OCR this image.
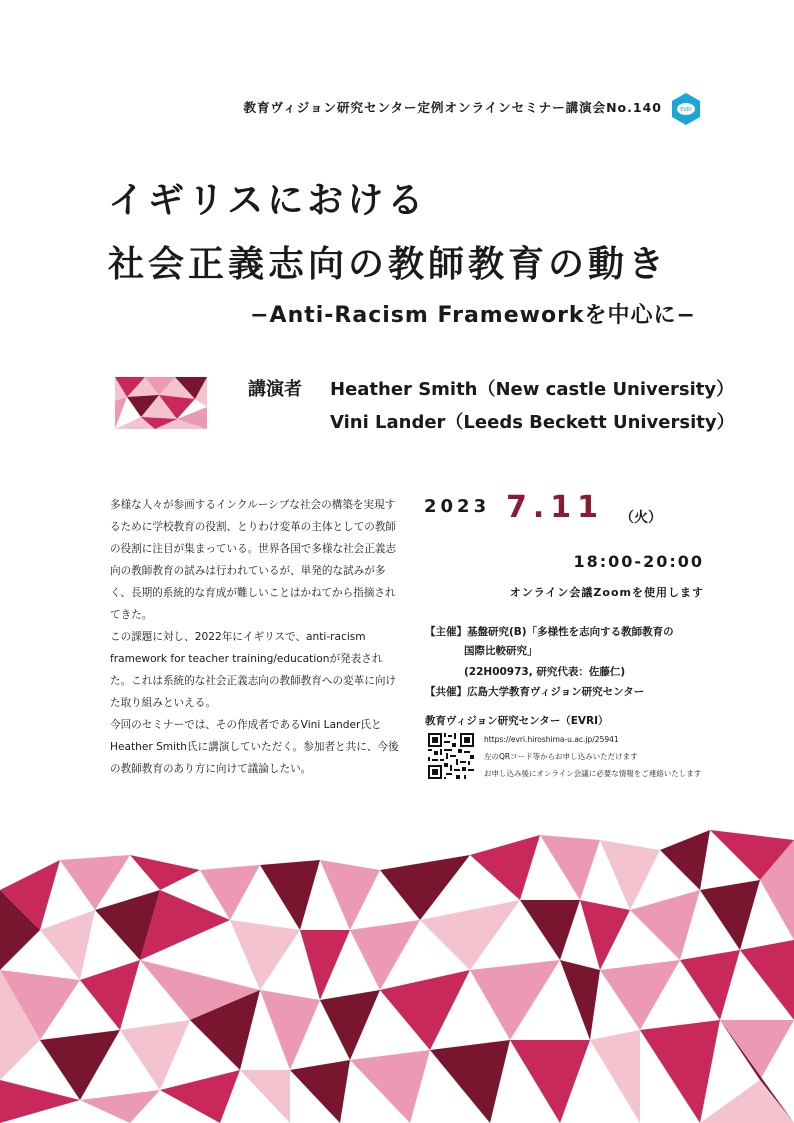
教育ヴィジョン研究センター定例オンラインセミナー講演会No.140	EVRI
イギリスにおける
社会正義志向の教師教育の動き
−Anti-Racism Frameworkを中心に−
講演者 Heather Smith（New castle University）
Vini Lander（Leeds Beckett University）

多様な人々が参画するインクルーシブな社会の構築を実現するために学校教育の役割、とりわけ変革の主体としての教師の役割に注目が集まっている。世界各国で多様な社会正義志向の教師教育の試みは行われているが、単発的な試みが多く、長期的系統的な育成が難しいことはかねてから指摘されてきた。

この課題に対し、2022年にイギリスで、anti-racism framework for teacher training/educationが発表された。これは系統的な社会正義志向の教師教育への変革に向けた取り組みといえる。

今回のセミナーでは、その作成者であるVini Lander氏とHeather Smith氏に講演していただく。参加者と共に、今後の教師教育のあり方に向けて議論したい。

2023 7.11 （火）
18:00-20:00
オンライン会議Zoomを使用します
【主催】基盤研究(B)「多様性を志向する教師教育の
国際比較研究」
(22H00973, 研究代表：佐藤仁)
【共催】広島大学教育ヴィジョン研究センター
教育ヴィジョン研究センター（EVRI）
https://evri.hiroshima-u.ac.jp/25941
左のQRコード等からお申し込みいただけます
お申し込み後にオンライン会議に必要な情報をご連絡いたします
